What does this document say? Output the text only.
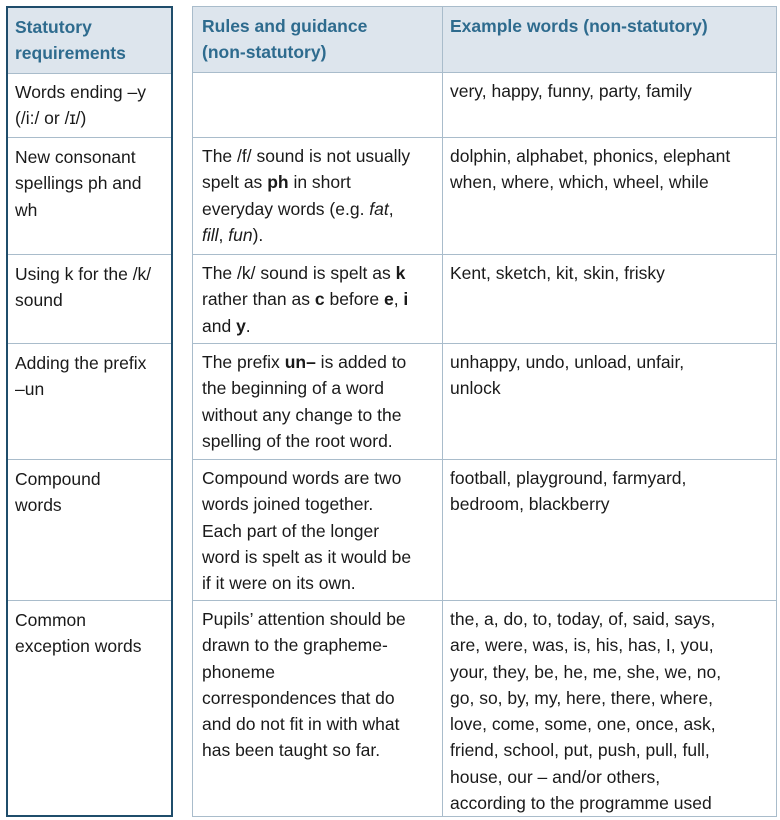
Statutory
requirements
Words ending –y
(/i:/ or /ɪ/)
New consonant
spellings ph and
wh
Using k for the /k/
sound
Adding the prefix
–un
Compound
words
Common
exception words
Rules and guidance
(non-statutory)
Example words (non-statutory)
very, happy, funny, party, family
The /f/ sound is not usually
spelt as ph in short
everyday words (e.g. fat,
fill, fun).
dolphin, alphabet, phonics, elephant
when, where, which, wheel, while
The /k/ sound is spelt as k
rather than as c before e, i
and y.
Kent, sketch, kit, skin, frisky
The prefix un– is added to
the beginning of a word
without any change to the
spelling of the root word.
unhappy, undo, unload, unfair,
unlock
Compound words are two
words joined together.
Each part of the longer
word is spelt as it would be
if it were on its own.
football, playground, farmyard,
bedroom, blackberry
Pupils’ attention should be
drawn to the grapheme-
phoneme
correspondences that do
and do not fit in with what
has been taught so far.
the, a, do, to, today, of, said, says,
are, were, was, is, his, has, I, you,
your, they, be, he, me, she, we, no,
go, so, by, my, here, there, where,
love, come, some, one, once, ask,
friend, school, put, push, pull, full,
house, our – and/or others,
according to the programme used
